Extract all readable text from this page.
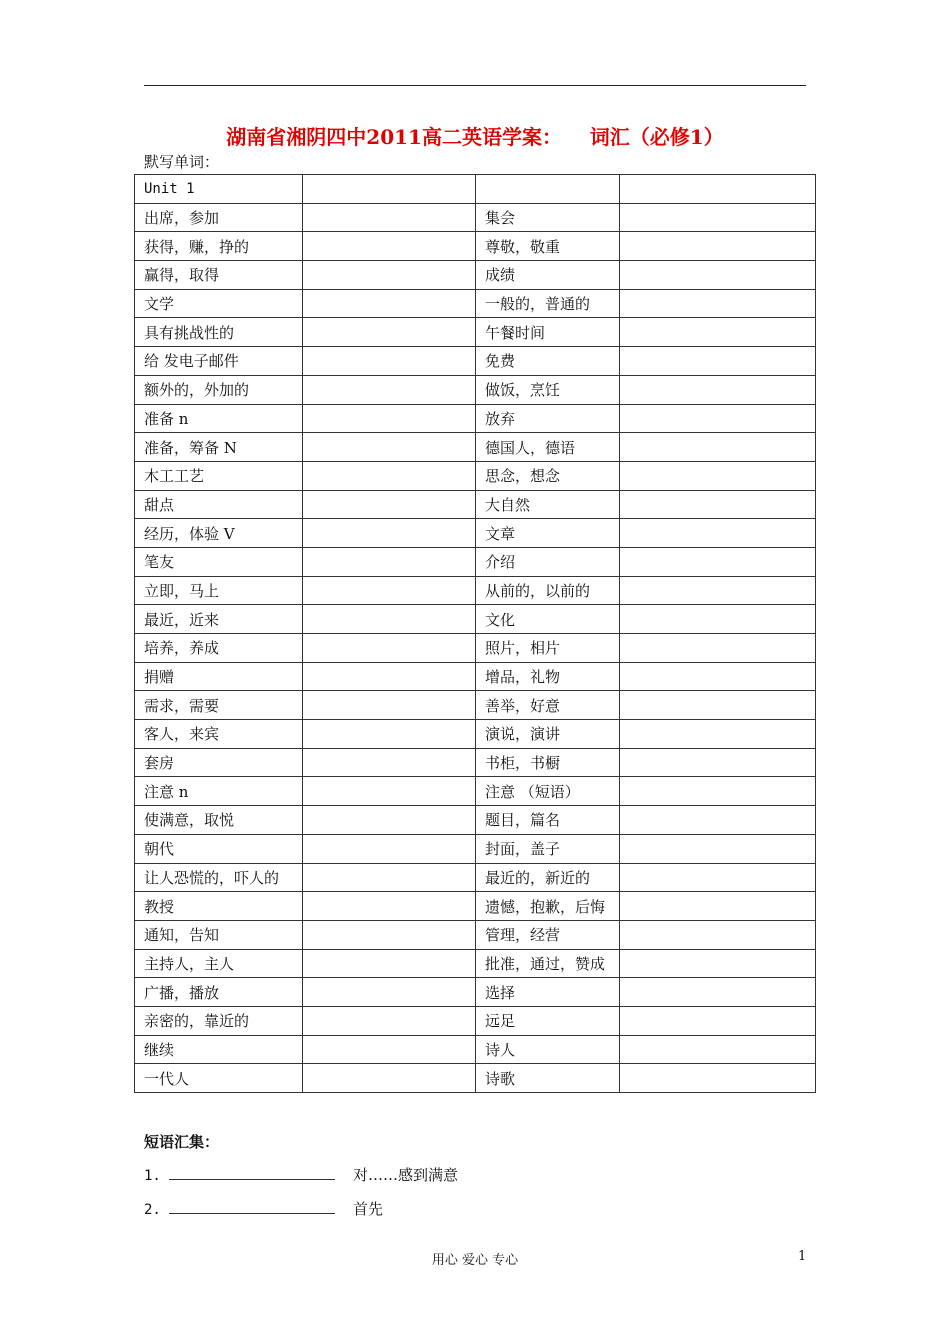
湖南省湘阴四中2011高二英语学案：    词汇（必修1）
默写单词：
Unit 1			
出席，参加		集会	
获得，赚，挣的		尊敬，敬重	
赢得，取得		成绩	
文学		一般的，普通的	
具有挑战性的		午餐时间	
给 发电子邮件		免费	
额外的，外加的		做饭，烹饪	
准备 n		放弃	
准备，筹备 N		德国人，德语	
木工工艺		思念，想念	
甜点		大自然	
经历，体验 V		文章	
笔友		介绍	
立即，马上		从前的，以前的	
最近，近来		文化	
培养，养成		照片，相片	
捐赠		增品，礼物	
需求，需要		善举，好意	
客人，来宾		演说，演讲	
套房		书柜，书橱	
注意 n		注意 （短语）	
使满意，取悦		题目，篇名	
朝代		封面，盖子	
让人恐慌的，吓人的		最近的，新近的	
教授		遗憾，抱歉，后悔	
通知，告知		管理，经营	
主持人，主人		批准，通过，赞成	
广播，播放		选择	
亲密的，靠近的		远足	
继续		诗人	
一代人		诗歌	
短语汇集：
1.	对……感到满意
2.	首先
用心 爱心 专心	1
